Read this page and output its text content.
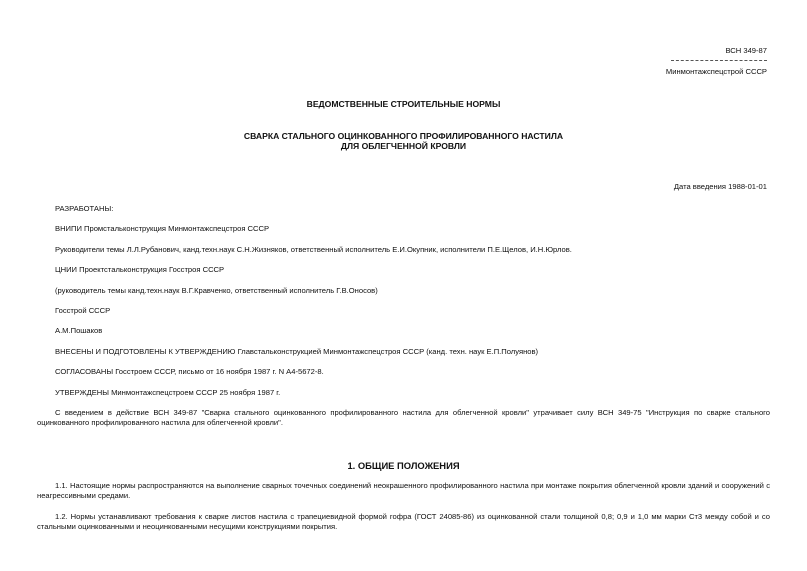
ВСН 349-87
Минмонтажспецстрой СССР
ВЕДОМСТВЕННЫЕ СТРОИТЕЛЬНЫЕ НОРМЫ
СВАРКА СТАЛЬНОГО ОЦИНКОВАННОГО ПРОФИЛИРОВАННОГО НАСТИЛА
ДЛЯ ОБЛЕГЧЕННОЙ КРОВЛИ
Дата введения 1988-01-01
РАЗРАБОТАНЫ:
ВНИПИ Промстальконструкция Минмонтажспецстроя СССР
Руководители темы Л.Л.Рубанович, канд.техн.наук С.Н.Жизняков, ответственный исполнитель Е.И.Окупник, исполнители П.Е.Щелов, И.Н.Юрлов.
ЦНИИ Проектстальконструкция Госстроя СССР
(руководитель темы канд.техн.наук В.Г.Кравченко, ответственный исполнитель Г.В.Оносов)
Госстрой СССР
А.М.Пошаков
ВНЕСЕНЫ И ПОДГОТОВЛЕНЫ К УТВЕРЖДЕНИЮ Главстальконструкцией Минмонтажспецстроя СССР (канд. техн. наук Е.П.Полуянов)
СОГЛАСОВАНЫ Госстроем СССР, письмо от 16 ноября 1987 г. N А4-5672-8.
УТВЕРЖДЕНЫ Минмонтажспецстроем СССР 25 ноября 1987 г.
С введением в действие ВСН 349-87 "Сварка стального оцинкованного профилированного настила для облегченной кровли" утрачивает силу ВСН 349-75 "Инструкция по сварке стального оцинкованного профилированного настила для облегченной кровли".
1. ОБЩИЕ ПОЛОЖЕНИЯ
1.1. Настоящие нормы распространяются на выполнение сварных точечных соединений неокрашенного профилированного настила при монтаже покрытия облегченной кровли зданий и сооружений с неагрессивными средами.
1.2. Нормы устанавливают требования к сварке листов настила с трапециевидной формой гофра (ГОСТ 24085-86) из оцинкованной стали толщиной 0,8; 0,9 и 1,0 мм марки Ст3 между собой и со стальными оцинкованными и неоцинкованными несущими конструкциями покрытия.
